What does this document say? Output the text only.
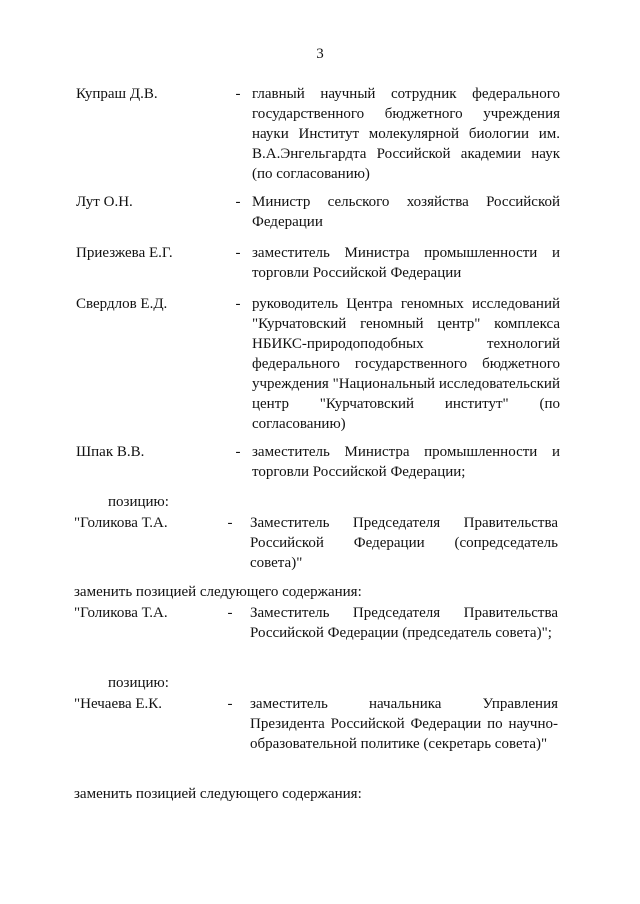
3
Купраш Д.В.	- главный научный сотрудник федерального государственного бюджетного учреждения науки Институт молекулярной биологии им. В.А.Энгельгардта Российской академии наук (по согласованию)
Лут О.Н.	- Министр сельского хозяйства Российской Федерации
Приезжева Е.Г.	- заместитель Министра промышленности и торговли Российской Федерации
Свердлов Е.Д.	- руководитель Центра геномных исследований "Курчатовский геномный центр" комплекса НБИКС-природоподобных технологий федерального государственного бюджетного учреждения "Национальный исследовательский центр "Курчатовский институт" (по согласованию)
Шпак В.В.	- заместитель Министра промышленности и торговли Российской Федерации;
позицию:
"Голикова Т.А.	- Заместитель Председателя Правительства Российской Федерации (сопредседатель совета)"
заменить позицией следующего содержания:
"Голикова Т.А.	- Заместитель Председателя Правительства Российской Федерации (председатель совета)";
позицию:
"Нечаева Е.К.	- заместитель начальника Управления Президента Российской Федерации по научно-образовательной политике (секретарь совета)"
заменить позицией следующего содержания:
